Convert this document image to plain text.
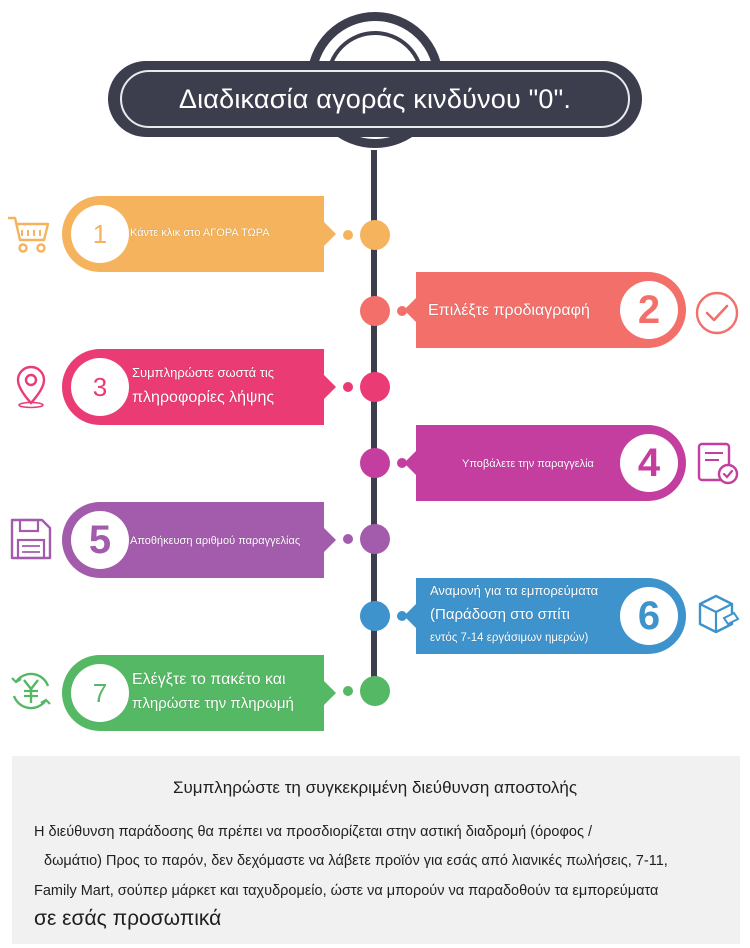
Διαδικασία αγοράς κινδύνου "0".
1 Κάντε κλικ στο ΑΓΟΡΑ ΤΩΡΑ
Επιλέξτε προδιαγραφή 2
3 Συμπληρώστε σωστά τις
πληροφορίες λήψης
Υποβάλετε την παραγγελία 4
5 Αποθήκευση αριθμού παραγγελίας
Αναμονή για τα εμπορεύματα
(Παράδοση στο σπίτι
εντός 7-14 εργάσιμων ημερών) 6
7 Ελέγξτε το πακέτο και
πληρώστε την πληρωμή
Συμπληρώστε τη συγκεκριμένη διεύθυνση αποστολής
Η διεύθυνση παράδοσης θα πρέπει να προσδιορίζεται στην αστική διαδρομή (όροφος /
δωμάτιο) Προς το παρόν, δεν δεχόμαστε να λάβετε προϊόν για εσάς από λιανικές πωλήσεις, 7-11,
Family Mart, σούπερ μάρκετ και ταχυδρομείο, ώστε να μπορούν να παραδοθούν τα εμπορεύματα
σε εσάς προσωπικά
